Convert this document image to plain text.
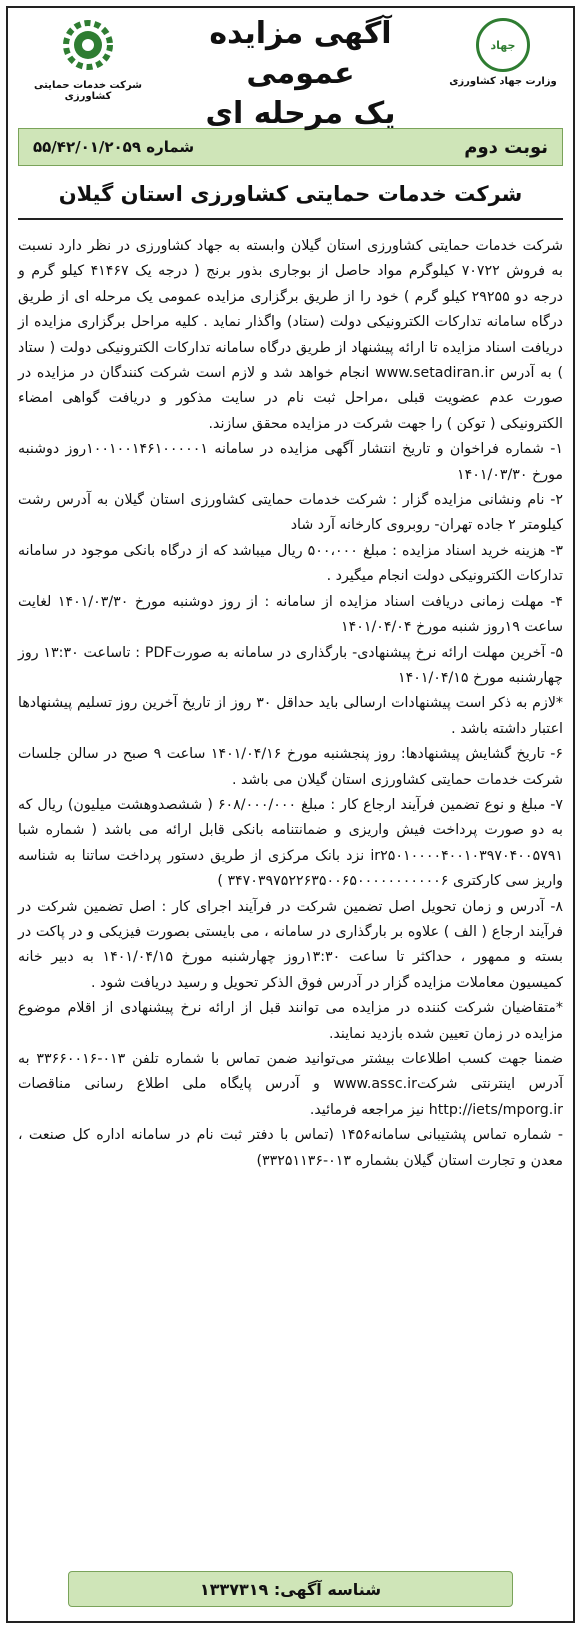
جهاد
وزارت جهاد کشاورزی
آگهی مزایده عمومی
یک مرحله ای
شرکت خدمات حمایتی کشاورزی
نوبت دوم
شماره ۵۵/۴۲/۰۱/۲۰۵۹
شرکت خدمات حمایتی کشاورزی استان گیلان

شرکت خدمات حمایتی کشاورزی استان گیلان وابسته به جهاد کشاورزی در نظر دارد نسبت به فروش ۷۰۷۲۲ کیلوگرم مواد حاصل از بوجاری بذور برنج ( درجه یک ۴۱۴۶۷ کیلو گرم و درجه دو ۲۹۲۵۵ کیلو گرم ) خود را از طریق برگزاری مزایده عمومی یک مرحله ای از طریق درگاه سامانه تدارکات الکترونیکی دولت (ستاد) واگذار نماید . کلیه مراحل برگزاری مزایده از دریافت اسناد مزایده تا ارائه پیشنهاد از طریق درگاه سامانه تدارکات الکترونیکی دولت ( ستاد ) به آدرس www.setadiran.ir انجام خواهد شد و لازم است شرکت کنندگان در مزایده در صورت عدم عضویت قبلی ،مراحل ثبت نام در سایت مذکور و دریافت گواهی امضاء الکترونیکی ( توکن ) را جهت شرکت در مزایده محقق سازند.

۱- شماره فراخوان و تاریخ انتشار آگهی مزایده در سامانه ۱۰۰۱۰۰۱۴۶۱۰۰۰۰۰۱روز دوشنبه مورخ ۱۴۰۱/۰۳/۳۰

۲- نام ونشانی مزایده گزار : شرکت خدمات حمایتی کشاورزی استان گیلان به آدرس رشت کیلومتر ۲ جاده تهران- روبروی کارخانه آرد شاد

۳- هزینه خرید اسناد مزایده : مبلغ ۵۰۰،۰۰۰ ریال میباشد که از درگاه بانکی موجود در سامانه تدارکات الکترونیکی دولت انجام میگیرد .

۴- مهلت زمانی دریافت اسناد مزایده از سامانه : از روز دوشنبه مورخ ۱۴۰۱/۰۳/۳۰ لغایت ساعت ۱۹روز شنبه مورخ ۱۴۰۱/۰۴/۰۴

۵- آخرین مهلت ارائه نرخ پیشنهادی- بارگذاری در سامانه به صورتPDF : تاساعت ۱۳:۳۰ روز چهارشنبه مورخ ۱۴۰۱/۰۴/۱۵

*لازم به ذکر است پیشنهادات ارسالی باید حداقل ۳۰ روز از تاریخ آخرین روز تسلیم پیشنهادها اعتبار داشته باشد .

۶- تاریخ گشایش پیشنهادها: روز پنجشنبه مورخ ۱۴۰۱/۰۴/۱۶ ساعت ۹ صبح در سالن جلسات شرکت خدمات حمایتی کشاورزی استان گیلان می باشد .

۷- مبلغ و نوع تضمین فرآیند ارجاع کار : مبلغ ۶۰۸/۰۰۰/۰۰۰ ( ششصدوهشت میلیون) ریال که به دو صورت پرداخت فیش واریزی و ضمانتنامه بانکی قابل ارائه می باشد ( شماره شبا ir۲۵۰۱۰۰۰۰۴۰۰۱۰۳۹۷۰۴۰۰۵۷۹۱ نزد بانک مرکزی از طریق دستور پرداخت ساتنا به شناسه واریز سی کارکتری ۳۴۷۰۳۹۷۵۲۲۶۳۵۰۰۶۵۰۰۰۰۰۰۰۰۰۰۰۶ )

۸- آدرس و زمان تحویل اصل تضمین شرکت در فرآیند اجرای کار : اصل تضمین شرکت در فرآیند ارجاع ( الف ) علاوه بر بارگذاری در سامانه ، می بایستی بصورت فیزیکی و در پاکت در بسته و ممهور ، حداکثر تا ساعت ۱۳:۳۰روز چهارشنبه مورخ ۱۴۰۱/۰۴/۱۵ به دبیر خانه کمیسیون معاملات مزایده گزار در آدرس فوق الذکر تحویل و رسید دریافت شود .

*متقاضیان شرکت کننده در مزایده می توانند قبل از ارائه نرخ پیشنهادی از اقلام موضوع مزایده در زمان تعیین شده بازدید نمایند.

ضمنا جهت کسب اطلاعات بیشتر می‌توانید ضمن تماس با شماره تلفن ۰۱۳-۳۳۶۶۰۰۱۶ به آدرس اینترنتی شرکتwww.assc.ir و آدرس پایگاه ملی اطلاع رسانی مناقصات http://iets/mporg.ir نیز مراجعه فرمائید.

- شماره تماس پشتیبانی سامانه۱۴۵۶ (تماس با دفتر ثبت نام در سامانه اداره کل صنعت ، معدن و تجارت استان گیلان بشماره ۰۱۳-۳۳۲۵۱۱۳۶)

شناسه آگهی: ۱۳۳۷۳۱۹
